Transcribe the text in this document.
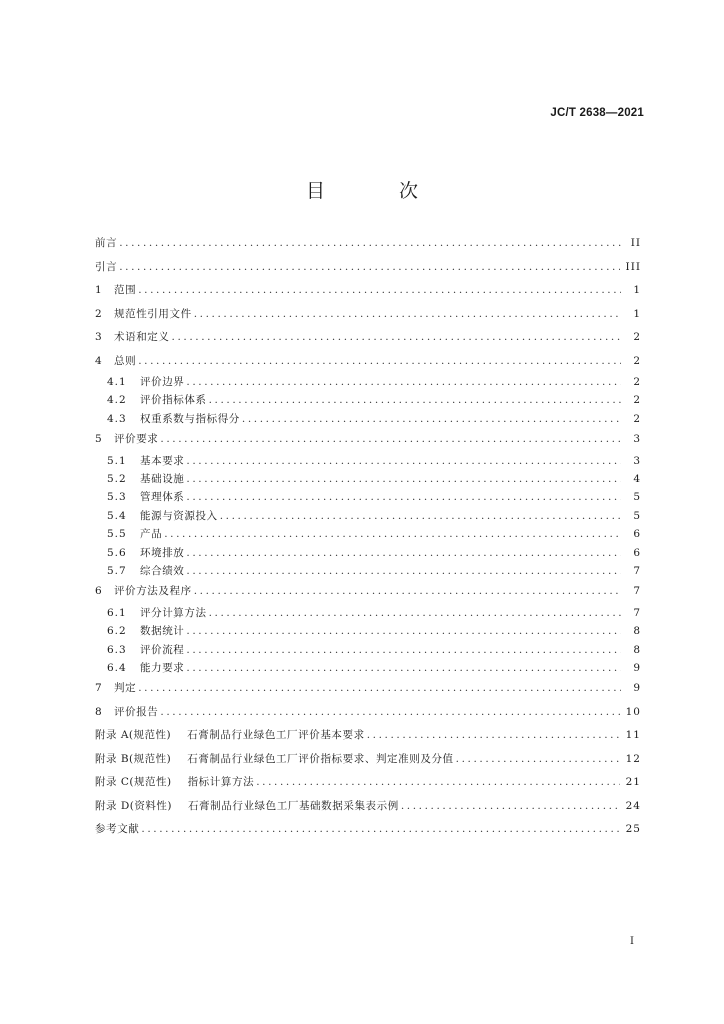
JC/T 2638—2021
目 次
前言 .....	II
引言 .....	III
1	范围 .....	1
2	规范性引用文件 .....	1
3	术语和定义 .....	2
4	总则 .....	2
4.1	评价边界 .....	2
4.2	评价指标体系 .....	2
4.3	权重系数与指标得分 .....	2
5	评价要求 .....	3
5.1	基本要求 .....	3
5.2	基础设施 .....	4
5.3	管理体系 .....	5
5.4	能源与资源投入 .....	5
5.5	产品 .....	6
5.6	环境排放 .....	6
5.7	综合绩效 .....	7
6	评价方法及程序 .....	7
6.1	评分计算方法 .....	7
6.2	数据统计 .....	8
6.3	评价流程 .....	8
6.4	能力要求 .....	9
7	判定 .....	9
8	评价报告 .....	10
附录 A(规范性) 石膏制品行业绿色工厂评价基本要求 .....	11
附录 B(规范性) 石膏制品行业绿色工厂评价指标要求、判定准则及分值 .....	12
附录 C(规范性) 指标计算方法 .....	21
附录 D(资料性) 石膏制品行业绿色工厂基础数据采集表示例 .....	24
参考文献 .....	25
I
